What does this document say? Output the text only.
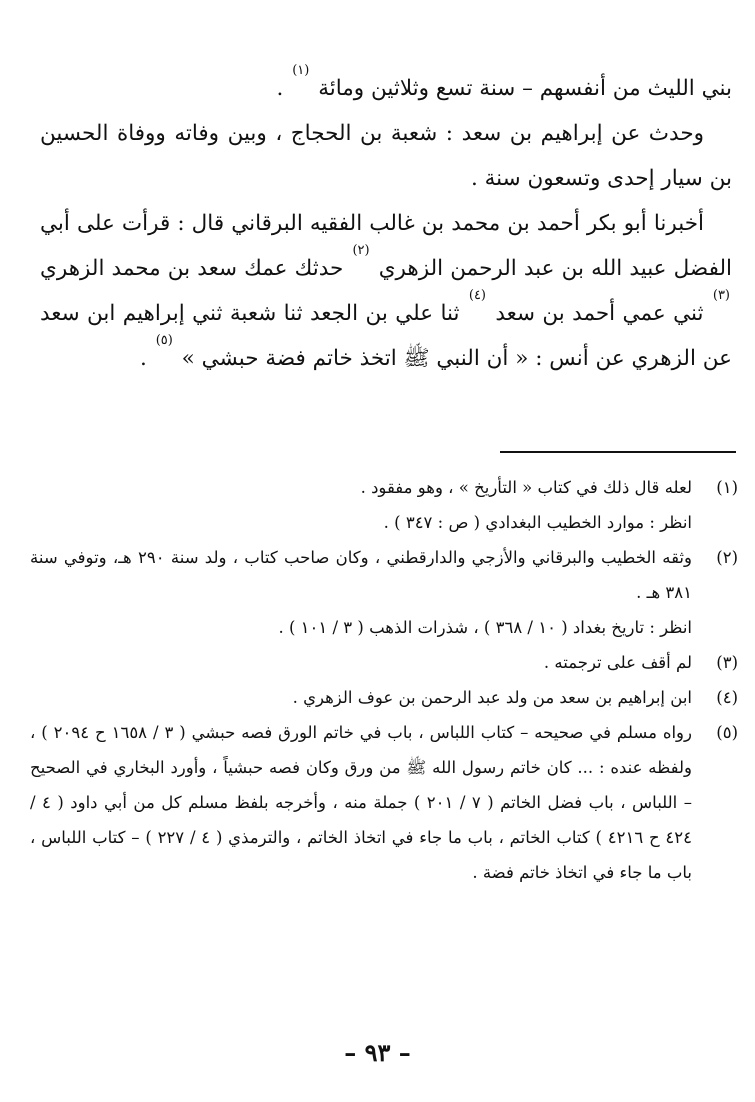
بني الليث من أنفسهم – سنة تسع وثلاثين ومائة $^{(١)}$ .

وحدث عن إبراهيم بن سعد : شعبة بن الحجاج ، وبين وفاته ووفاة الحسين بن سيار إحدى وتسعون سنة .

أخبرنا أبو بكر أحمد بن محمد بن غالب الفقيه البرقاني قال : قرأت على أبي الفضل عبيد الله بن عبد الرحمن الزهري $^{(٢)}$ حدثك عمك سعد بن محمد الزهري $^{(٣)}$ ثني عمي أحمد بن سعد $^{(٤)}$ ثنا علي بن الجعد ثنا شعبة ثني إبراهيم ابن سعد عن الزهري عن أنس : « أن النبي ﷺ اتخذ خاتم فضة حبشي » $^{(٥)}$ .

(١)
لعله قال ذلك في كتاب « التأريخ » ، وهو مفقود .
انظر : موارد الخطيب البغدادي ( ص : ٣٤٧ ) .
(٢)
وثقه الخطيب والبرقاني والأزجي والدارقطني ، وكان صاحب كتاب ، ولد سنة ٢٩٠ هـ، وتوفي سنة ٣٨١ هـ .
انظر : تاريخ بغداد ( ١٠ / ٣٦٨ ) ، شذرات الذهب ( ٣ / ١٠١ ) .
(٣)
لم أقف على ترجمته .
(٤)
ابن إبراهيم بن سعد من ولد عبد الرحمن بن عوف الزهري .
(٥)
رواه مسلم في صحيحه – كتاب اللباس ، باب في خاتم الورق فصه حبشي ( ٣ / ١٦٥٨ ح ٢٠٩٤ ) ، ولفظه عنده : ... كان خاتم رسول الله ﷺ من ورق وكان فصه حبشياً ، وأورد البخاري في الصحيح – اللباس ، باب فضل الخاتم ( ٧ / ٢٠١ ) جملة منه ، وأخرجه بلفظ مسلم كل من أبي داود ( ٤ / ٤٢٤ ح ٤٢١٦ ) كتاب الخاتم ، باب ما جاء في اتخاذ الخاتم ، والترمذي ( ٤ / ٢٢٧ ) – كتاب اللباس ، باب ما جاء في اتخاذ خاتم فضة .
– ٩٣ –
